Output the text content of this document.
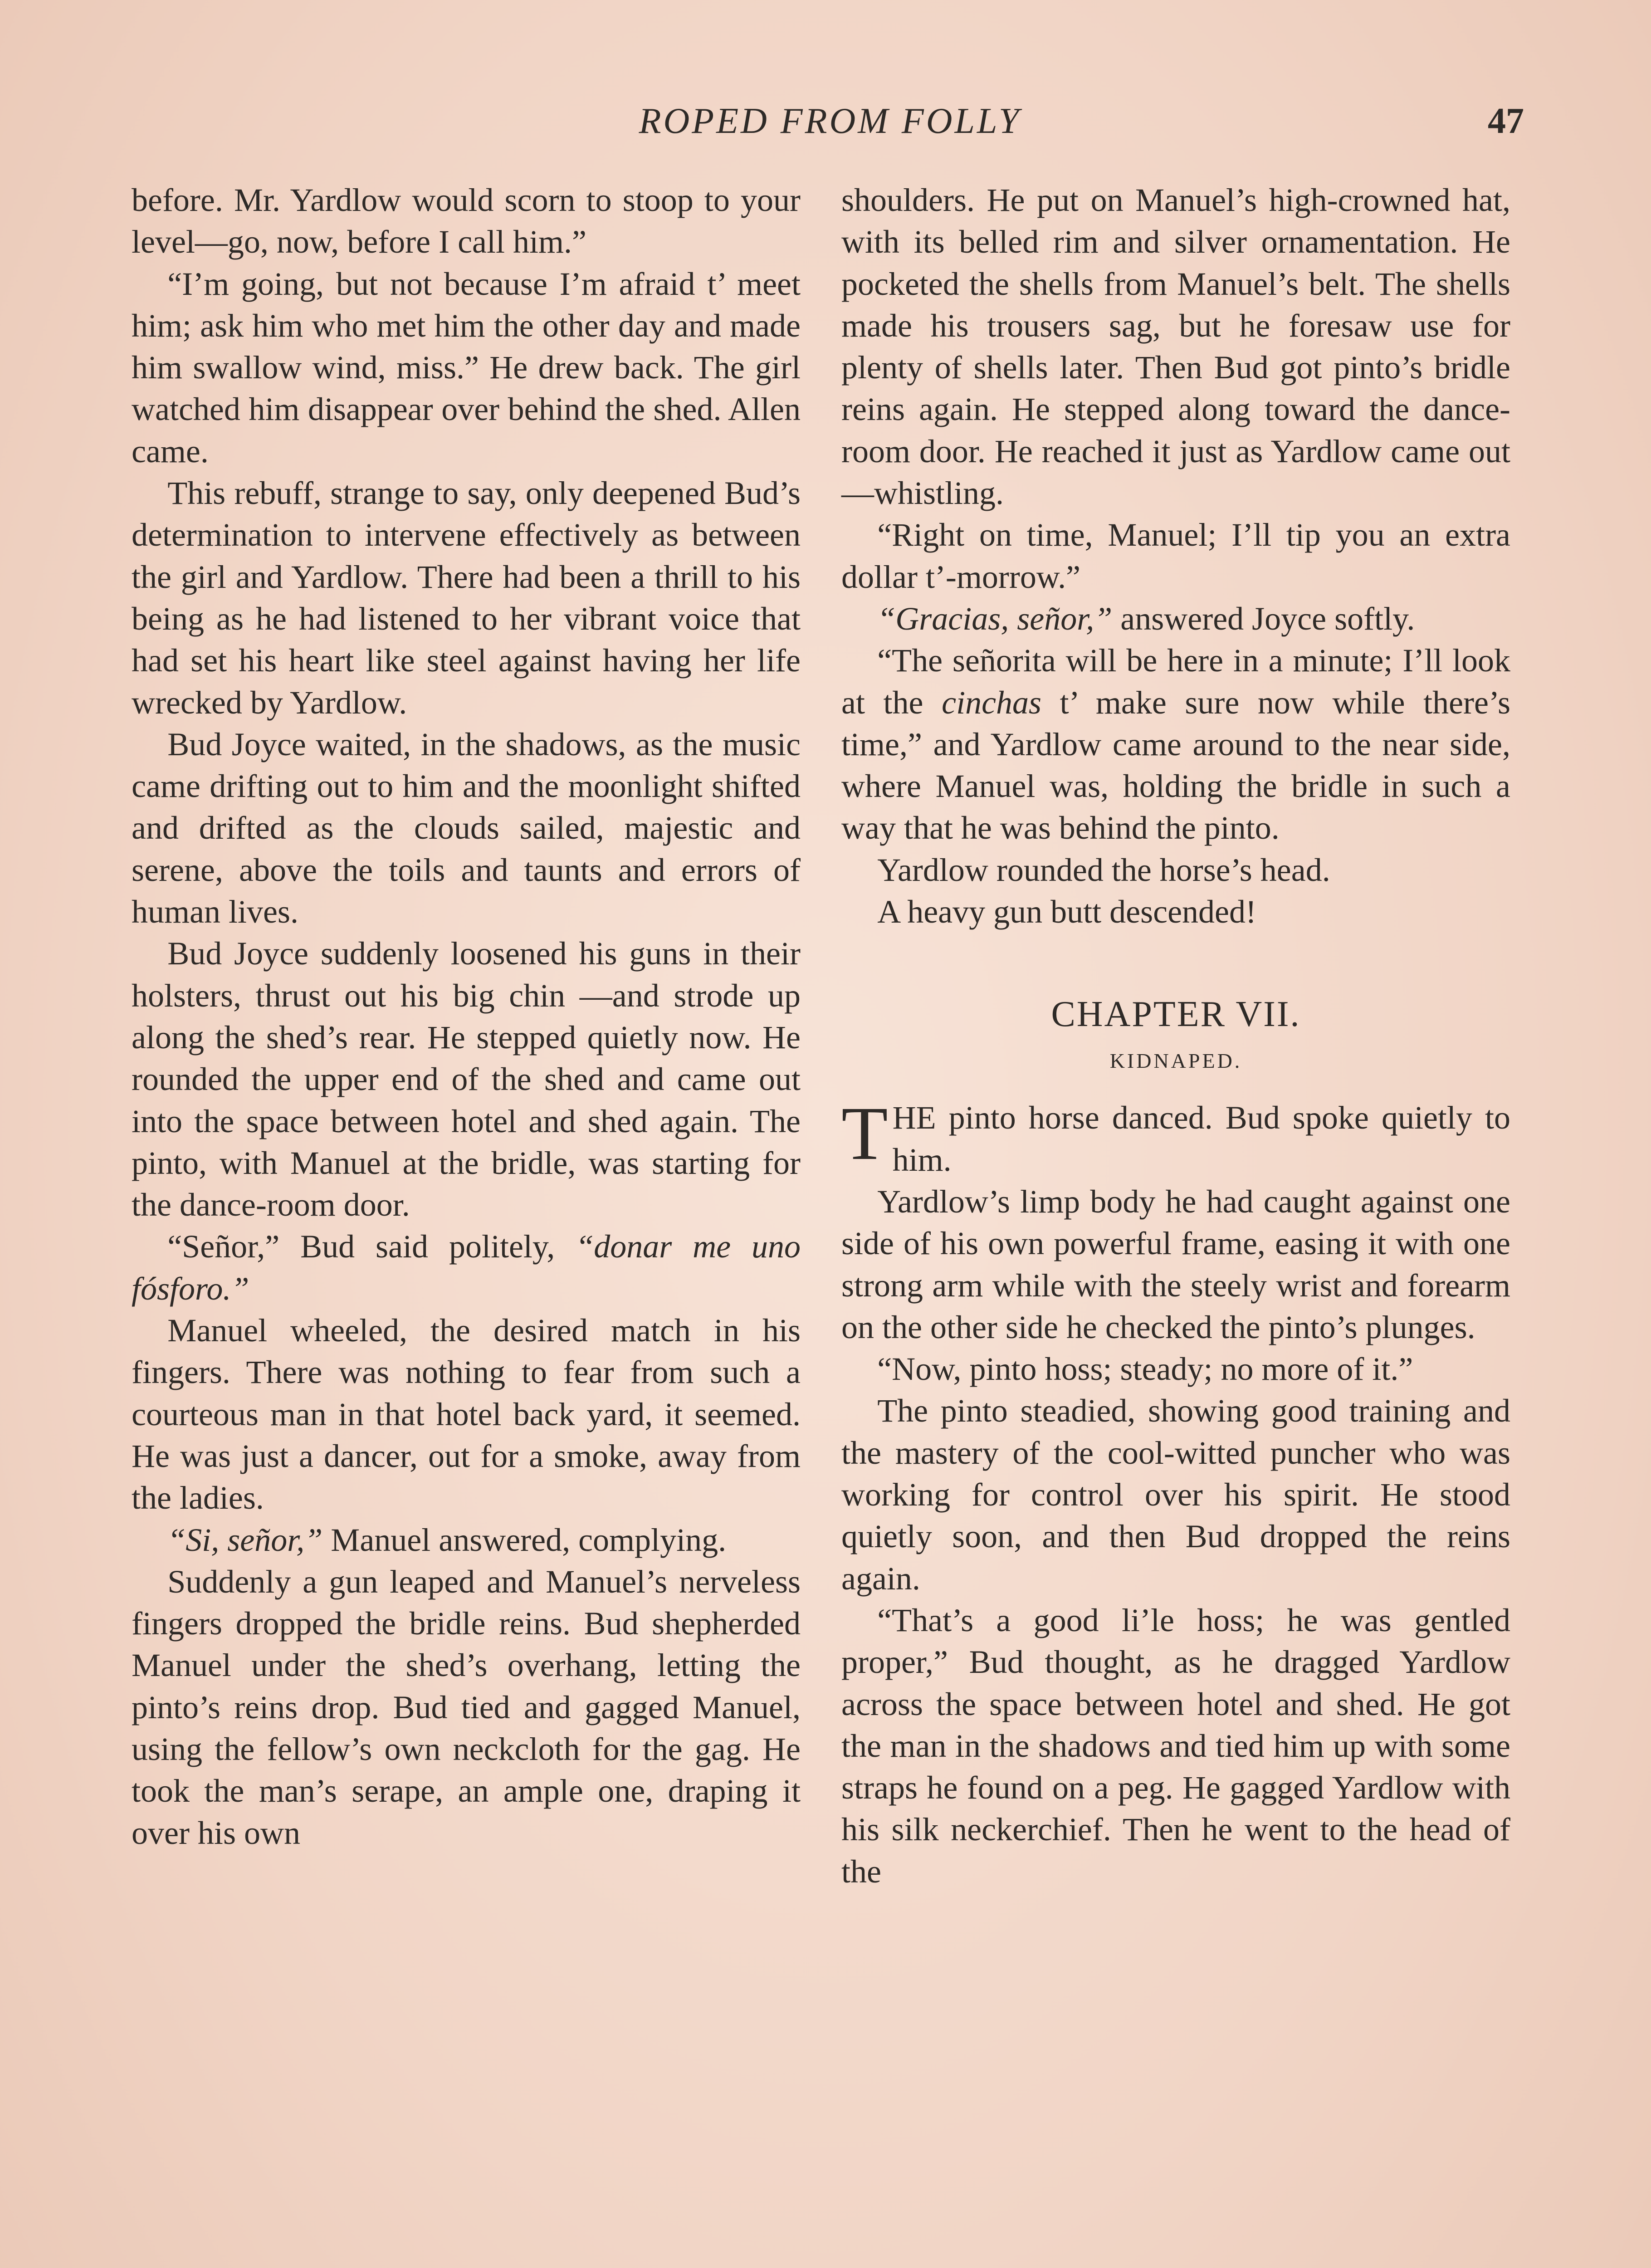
ROPED FROM FOLLY	47

before. Mr. Yardlow would scorn to stoop to your level—go, now, before I call him.”

“I’m going, but not because I’m afraid t’ meet him; ask him who met him the other day and made him swallow wind, miss.” He drew back. The girl watched him disappear over behind the shed. Allen came.

This rebuff, strange to say, only deepened Bud’s determination to intervene effectively as between the girl and Yardlow. There had been a thrill to his being as he had listened to her vibrant voice that had set his heart like steel against having her life wrecked by Yardlow.

Bud Joyce waited, in the shadows, as the music came drifting out to him and the moonlight shifted and drifted as the clouds sailed, majestic and serene, above the toils and taunts and errors of human lives.

Bud Joyce suddenly loosened his guns in their holsters, thrust out his big chin —and strode up along the shed’s rear. He stepped quietly now. He rounded the upper end of the shed and came out into the space between hotel and shed again. The pinto, with Manuel at the bridle, was starting for the dance-room door.

“Señor,” Bud said politely, “donar me uno fósforo.”

Manuel wheeled, the desired match in his fingers. There was nothing to fear from such a courteous man in that hotel back yard, it seemed. He was just a dancer, out for a smoke, away from the ladies.

“Si, señor,” Manuel answered, complying.

Suddenly a gun leaped and Manuel’s nerveless fingers dropped the bridle reins. Bud shepherded Manuel under the shed’s overhang, letting the pinto’s reins drop. Bud tied and gagged Manuel, using the fellow’s own neckcloth for the gag. He took the man’s serape, an ample one, draping it over his own

shoulders. He put on Manuel’s high-crowned hat, with its belled rim and silver ornamentation. He pocketed the shells from Manuel’s belt. The shells made his trousers sag, but he foresaw use for plenty of shells later. Then Bud got pinto’s bridle reins again. He stepped along toward the dance-room door. He reached it just as Yardlow came out—whistling.

“Right on time, Manuel; I’ll tip you an extra dollar t’-morrow.”

“Gracias, señor,” answered Joyce softly.

“The señorita will be here in a minute; I’ll look at the cinchas t’ make sure now while there’s time,” and Yardlow came around to the near side, where Manuel was, holding the bridle in such a way that he was behind the pinto.

Yardlow rounded the horse’s head.

A heavy gun butt descended!

CHAPTER VII.
KIDNAPED.

THE pinto horse danced. Bud spoke quietly to him.

Yardlow’s limp body he had caught against one side of his own powerful frame, easing it with one strong arm while with the steely wrist and forearm on the other side he checked the pinto’s plunges.

“Now, pinto hoss; steady; no more of it.”

The pinto steadied, showing good training and the mastery of the cool-witted puncher who was working for control over his spirit. He stood quietly soon, and then Bud dropped the reins again.

“That’s a good li’le hoss; he was gentled proper,” Bud thought, as he dragged Yardlow across the space between hotel and shed. He got the man in the shadows and tied him up with some straps he found on a peg. He gagged Yardlow with his silk neckerchief. Then he went to the head of the
